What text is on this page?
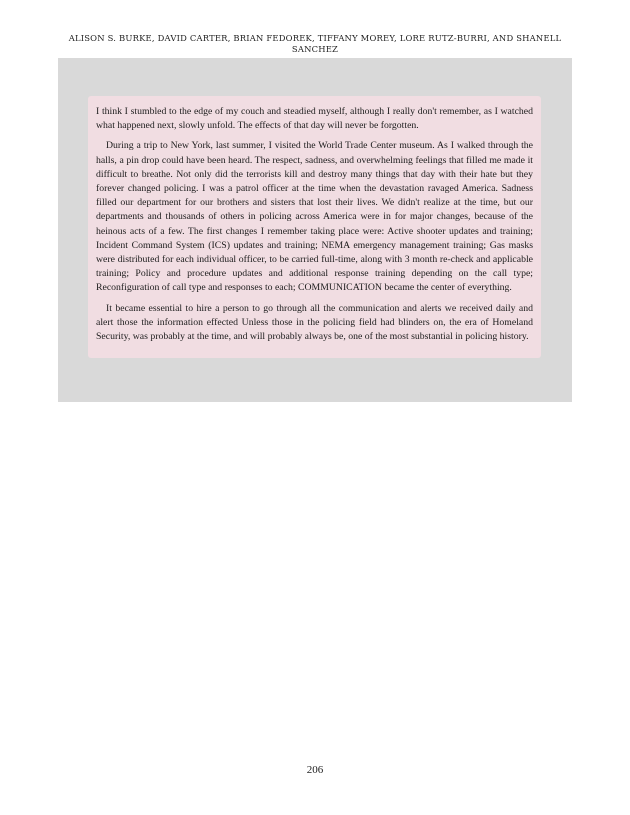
ALISON S. BURKE, DAVID CARTER, BRIAN FEDOREK, TIFFANY MOREY, LORE RUTZ-BURRI, AND SHANELL SANCHEZ

I think I stumbled to the edge of my couch and steadied myself, although I really don't remember, as I watched what happened next, slowly unfold. The effects of that day will never be forgotten.

During a trip to New York, last summer, I visited the World Trade Center museum. As I walked through the halls, a pin drop could have been heard. The respect, sadness, and overwhelming feelings that filled me made it difficult to breathe. Not only did the terrorists kill and destroy many things that day with their hate but they forever changed policing. I was a patrol officer at the time when the devastation ravaged America. Sadness filled our department for our brothers and sisters that lost their lives. We didn't realize at the time, but our departments and thousands of others in policing across America were in for major changes, because of the heinous acts of a few. The first changes I remember taking place were: Active shooter updates and training; Incident Command System (ICS) updates and training; NEMA emergency management training; Gas masks were distributed for each individual officer, to be carried full-time, along with 3 month re-check and applicable training; Policy and procedure updates and additional response training depending on the call type; Reconfiguration of call type and responses to each; COMMUNICATION became the center of everything.

It became essential to hire a person to go through all the communication and alerts we received daily and alert those the information effected Unless those in the policing field had blinders on, the era of Homeland Security, was probably at the time, and will probably always be, one of the most substantial in policing history.

206
